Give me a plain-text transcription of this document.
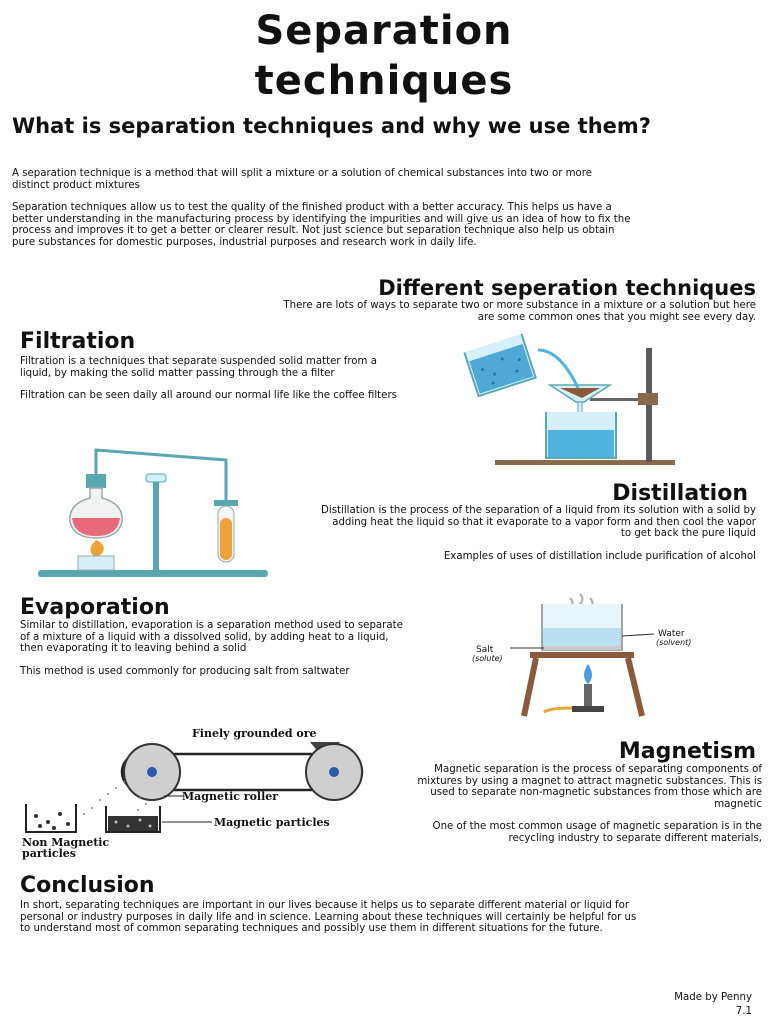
Separation
techniques
What is separation techniques and why we use them?

A separation technique is a method that will split a mixture or a solution of chemical substances into two or more distinct product mixtures

Separation techniques allow us to test the quality of the finished product with a better accuracy. This helps us have a better understanding in the manufacturing process by identifying the impurities and will give us an idea of how to fix the process and improves it to get a better or clearer result. Not just science but separation technique also help us obtain pure substances for domestic purposes, industrial purposes and research work in daily life.

Different seperation techniques

There are lots of ways to separate two or more substance in a mixture or a solution but here are some common ones that you might see every day.

Filtration

Filtration is a techniques that separate suspended solid matter from a liquid, by making the solid matter passing through the a filter

Filtration can be seen daily all around our normal life like the coffee filters

Distillation

Distillation is the process of the separation of a liquid from its solution with a solid by adding heat the liquid so that it evaporate to a vapor form and then cool the vapor to get back the pure liquid

Examples of uses of distillation include purification of alcohol

Evaporation

Similar to distillation, evaporation is a separation method used to separate of a mixture of a liquid with a dissolved solid, by adding heat to a liquid, then evaporating it to leaving behind a solid

This method is used commonly for producing salt from saltwater

Water
(solvent)
Salt
(solute)
Finely grounded ore
Magnetic roller
Magnetic particles
Non Magnetic
particles
Magnetism

Magnetic separation is the process of separating components of mixtures by using a magnet to attract magnetic substances. This is used to separate non-magnetic substances from those which are magnetic

One of the most common usage of magnetic separation is in the recycling industry to separate different materials,

Conclusion

In short, separating techniques are important in our lives because it helps us to separate different material or liquid for personal or industry purposes in daily life and in science. Learning about these techniques will certainly be helpful for us to understand most of common separating techniques and possibly use them in different situations for the future.

Made by Penny
7.1
